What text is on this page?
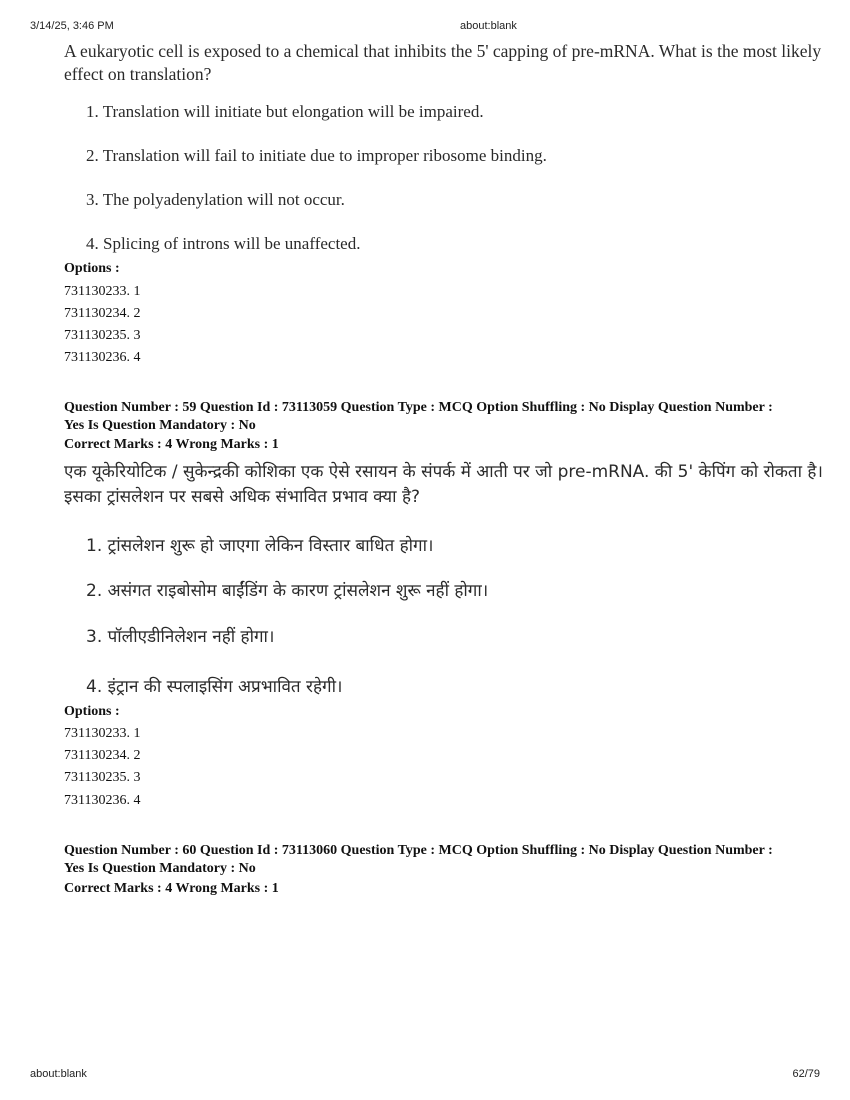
3/14/25, 3:46 PM	about:blank
A eukaryotic cell is exposed to a chemical that inhibits the 5' capping of pre-mRNA. What is the most likely effect on translation?
1. Translation will initiate but elongation will be impaired.
2. Translation will fail to initiate due to improper ribosome binding.
3. The polyadenylation will not occur.
4. Splicing of introns will be unaffected.
Options :
731130233. 1
731130234. 2
731130235. 3
731130236. 4
Question Number : 59 Question Id : 73113059 Question Type : MCQ Option Shuffling : No Display Question Number : Yes Is Question Mandatory : No
Correct Marks : 4 Wrong Marks : 1
एक यूकेरियोटिक / सुकेन्द्रकी कोशिका एक ऐसे रसायन के संपर्क में आती पर जो pre-mRNA. की 5' केपिंग को रोकता है। इसका ट्रांसलेशन पर सबसे अधिक संभावित प्रभाव क्या है?
1. ट्रांसलेशन शुरू हो जाएगा लेकिन विस्तार बाधित होगा।
2. असंगत राइबोसोम बाईंडिंग के कारण ट्रांसलेशन शुरू नहीं होगा।
3. पॉलीएडीनिलेशन नहीं होगा।
4. इंट्रान की स्पलाइसिंग अप्रभावित रहेगी।
Options :
731130233. 1
731130234. 2
731130235. 3
731130236. 4
Question Number : 60 Question Id : 73113060 Question Type : MCQ Option Shuffling : No Display Question Number : Yes Is Question Mandatory : No
Correct Marks : 4 Wrong Marks : 1
about:blank	62/79
